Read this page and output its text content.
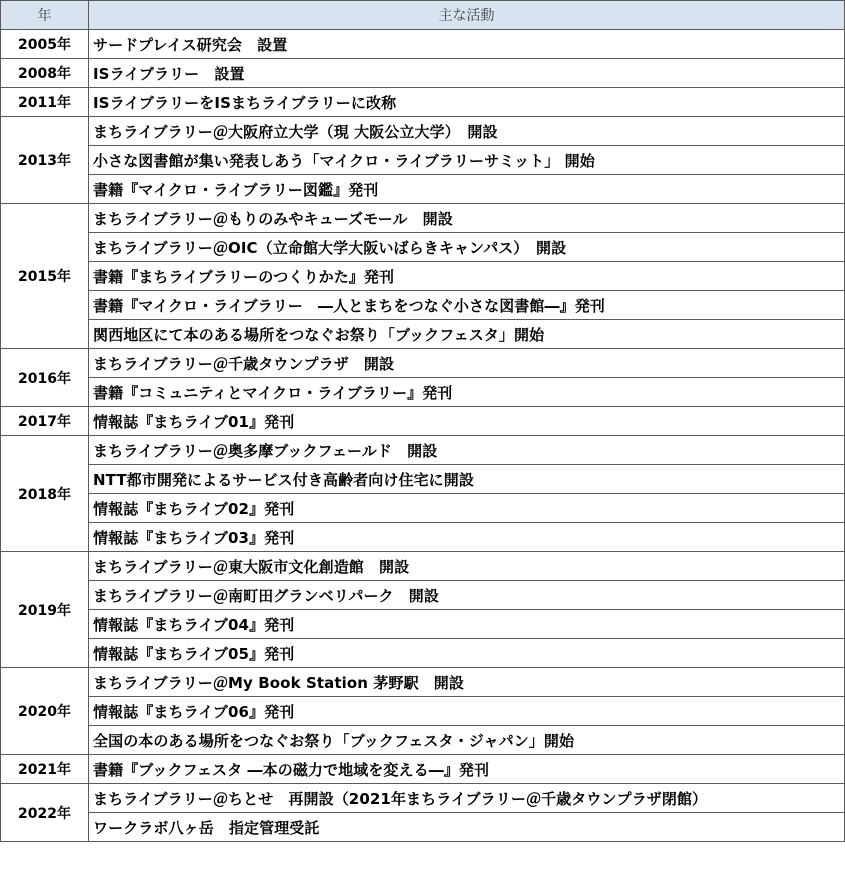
年	主な活動
2005年	サードプレイス研究会　設置
2008年	ISライブラリー　設置
2011年	ISライブラリーをISまちライブラリーに改称
2013年	まちライブラリー＠大阪府立大学（現 大阪公立大学）　開設
	小さな図書館が集い発表しあう「マイクロ・ライブラリーサミット」 開始
	書籍『マイクロ・ライブラリー図鑑』発刊
2015年	まちライブラリー＠もりのみやキューズモール　開設
	まちライブラリー＠OIC（立命館大学大阪いばらきキャンパス）　開設
	書籍『まちライブラリーのつくりかた』発刊
	書籍『マイクロ・ライブラリー　―人とまちをつなぐ小さな図書館―』発刊
	関西地区にて本のある場所をつなぐお祭り「ブックフェスタ」開始
2016年	まちライブラリー＠千歳タウンプラザ　開設
	書籍『コミュニティとマイクロ・ライブラリー』発刊
2017年	情報誌『まちライブ01』発刊
2018年	まちライブラリー＠奥多摩ブックフェールド　開設
	NTT都市開発によるサービス付き高齢者向け住宅に開設
	情報誌『まちライブ02』発刊
	情報誌『まちライブ03』発刊
2019年	まちライブラリー＠東大阪市文化創造館　開設
	まちライブラリー＠南町田グランベリパーク　開設
	情報誌『まちライブ04』発刊
	情報誌『まちライブ05』発刊
2020年	まちライブラリー＠My Book Station 茅野駅　開設
	情報誌『まちライブ06』発刊
	全国の本のある場所をつなぐお祭り「ブックフェスタ・ジャパン」開始
2021年	書籍『ブックフェスタ ―本の磁力で地域を変える―』発刊
2022年	まちライブラリー＠ちとせ　再開設（2021年まちライブラリー＠千歳タウンプラザ閉館）
	ワークラボ八ヶ岳　指定管理受託
